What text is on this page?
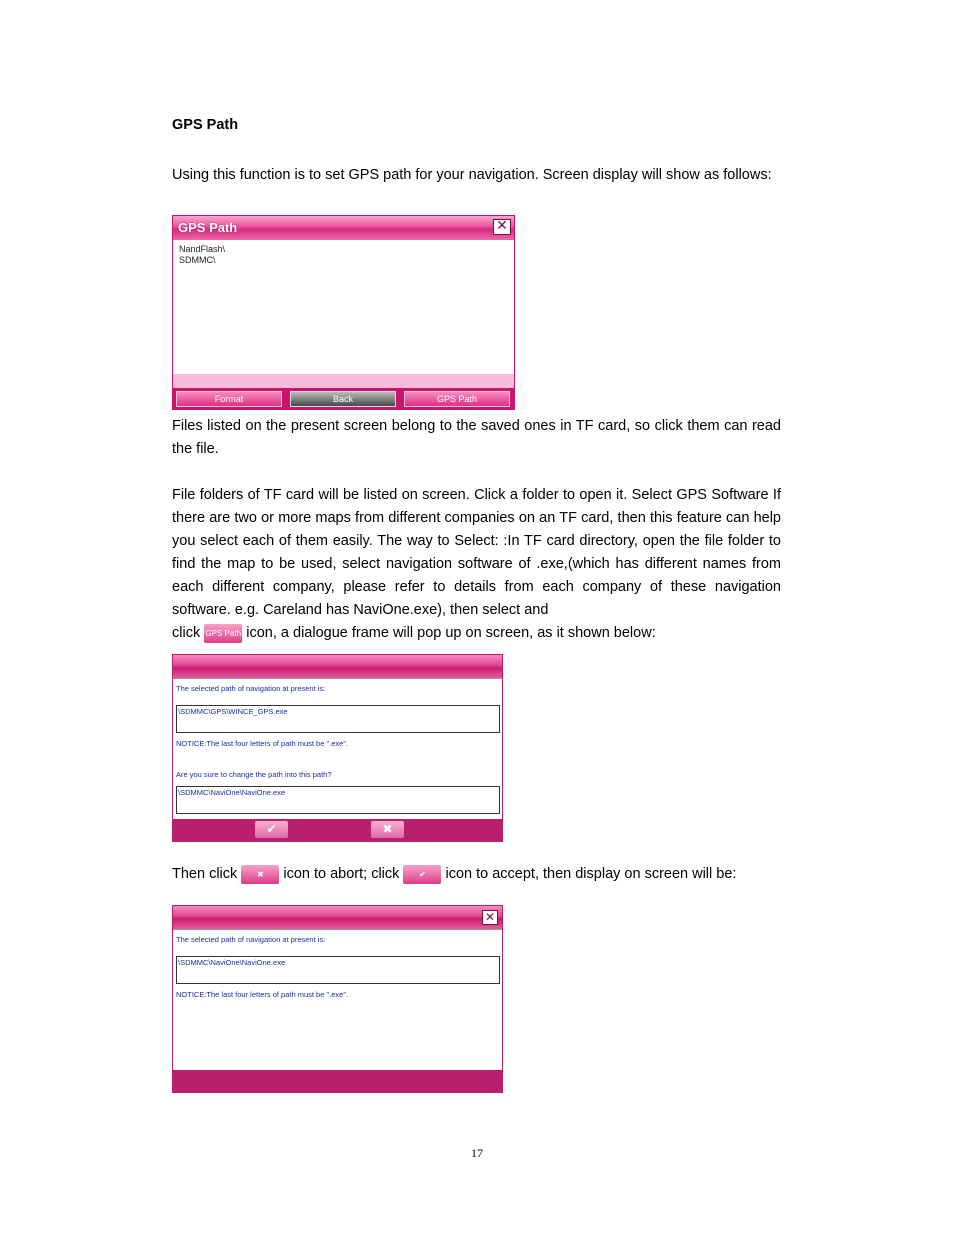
GPS Path
Using this function is to set GPS path for your navigation. Screen display will show as follows:
GPS Path	✕
NandFlash\
SDMMC\
Format	Back	GPS Path
Files listed on the present screen belong to the saved ones in TF card, so click them can read the file.
File folders of TF card will be listed on screen. Click a folder to open it. Select GPS Software If there are two or more maps from different companies on an TF card, then this feature can help you select each of them easily. The way to Select: :In TF card directory, open the file folder to find the map to be used, select navigation software of .exe,(which has different names from each different company, please refer to details from each company of these navigation software. e.g. Careland has NaviOne.exe), then select and
click GPS Path icon, a dialogue frame will pop up on screen, as it shown below:
The selected path of navigation at present is:
\SDMMC\GPS\WINCE_GPS.exe
NOTICE:The last four letters of path must be ".exe".
Are you sure to change the path into this path?
\SDMMC\NaviOne\NaviOne.exe
✔	✖
Then click ✖ icon to abort; click ✔ icon to accept, then display on screen will be:
✕
The selected path of navigation at present is:
\SDMMC\NaviOne\NaviOne.exe
NOTICE:The last four letters of path must be ".exe".
17
